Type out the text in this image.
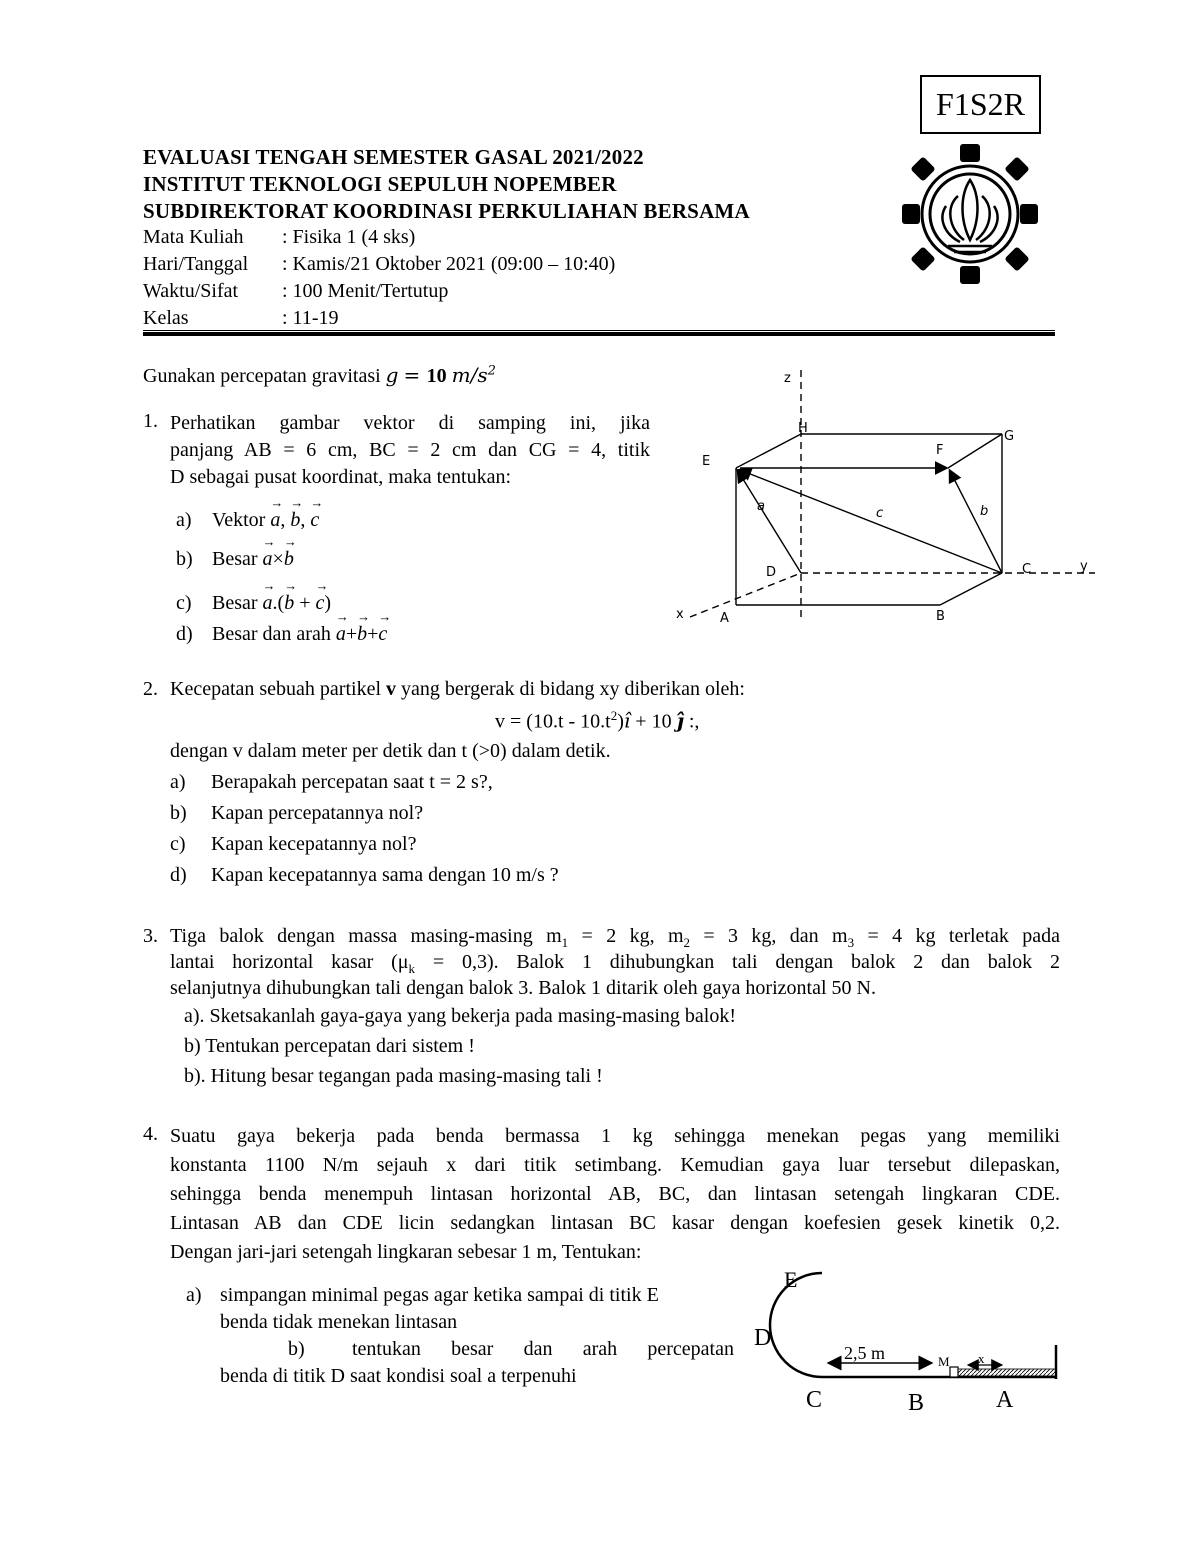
F1S2R
EVALUASI TENGAH SEMESTER GASAL 2021/2022
INSTITUT TEKNOLOGI SEPULUH NOPEMBER
SUBDIREKTORAT KOORDINASI PERKULIAHAN BERSAMA
Mata Kuliah : Fisika 1 (4 sks)
Hari/Tanggal : Kamis/21 Oktober 2021 (09:00 – 10:40)
Waktu/Sifat : 100 Menit/Tertutup
Kelas	: 11-19
Gunakan percepatan gravitasi g = 10 $m/s^2$
1. Perhatikan gambar vektor di samping ini, jika
panjang AB = 6 cm, BC = 2 cm dan CG = 4, titik
D sebagai pusat koordinat, maka tentukan:
a) Vektor → a, → b, → c
b) Besar → a×→ b
c) Besar → a.(→ b + → c)
d) Besar dan arah → a+→ b+→ c
z
y
x
H
G
E
F
D	C
A	B
a	c	b
2. Kecepatan sebuah partikel v yang bergerak di bidang xy diberikan oleh:
$v = (10.t - 10.t^2)î + 10$ ĵ :,
dengan v dalam meter per detik dan t (>0) dalam detik.
a) Berapakah percepatan saat t = 2 s?,
b) Kapan percepatannya nol?
c) Kapan kecepatannya nol?
d) Kapan kecepatannya sama dengan 10 m/s ?
3. Tiga balok dengan massa masing-masing $m_1 = 2$ kg, $m_2 = 3$ kg, dan $m_3 = 4$ kg terletak pada
lantai horizontal kasar $(\mu_k = 0,3)$. Balok 1 dihubungkan tali dengan balok 2 dan balok 2
selanjutnya dihubungkan tali dengan balok 3. Balok 1 ditarik oleh gaya horizontal 50 N.
a). Sketsakanlah gaya-gaya yang bekerja pada masing-masing balok!
b) Tentukan percepatan dari sistem !
b). Hitung besar tegangan pada masing-masing tali !
4. Suatu gaya bekerja pada benda bermassa 1 kg sehingga menekan pegas yang memiliki
konstanta 1100 N/m sejauh x dari titik setimbang. Kemudian gaya luar tersebut dilepaskan,
sehingga benda menempuh lintasan horizontal AB, BC, dan lintasan setengah lingkaran CDE.
Lintasan AB dan CDE licin sedangkan lintasan BC kasar dengan koefesien gesek kinetik 0,2.
Dengan jari-jari setengah lingkaran sebesar 1 m, Tentukan:
a) simpangan minimal pegas agar ketika sampai di titik E
benda tidak menekan lintasan
b) tentukan besar dan arah percepatan
benda di titik D saat kondisi soal a terpenuhi
E
D
C	B	A
2,5 m	M x
